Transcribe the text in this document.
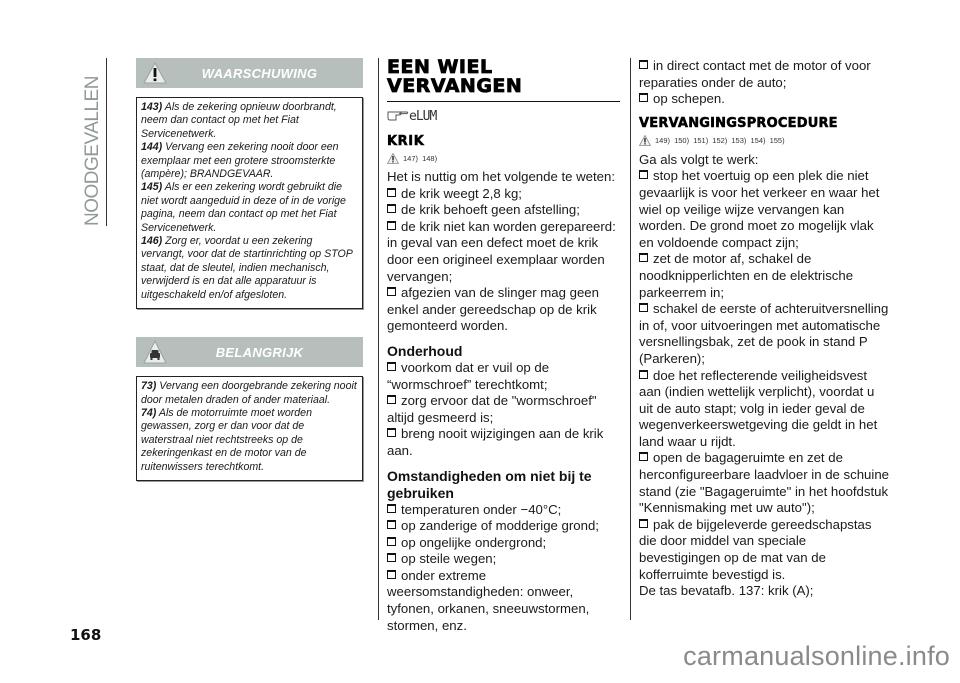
NOODGEVALLEN
WAARSCHUWING

143) Als de zekering opnieuw doorbrandt, neem dan contact op met het Fiat Servicenetwerk.

144) Vervang een zekering nooit door een exemplaar met een grotere stroomsterkte (ampère); BRANDGEVAAR.

145) Als er een zekering wordt gebruikt die niet wordt aangeduid in deze of in de vorige pagina, neem dan contact op met het Fiat Servicenetwerk.

146) Zorg er, voordat u een zekering vervangt, voor dat de startinrichting op STOP staat, dat de sleutel, indien mechanisch, verwijderd is en dat alle apparatuur is uitgeschakeld en/of afgesloten.

BELANGRIJK

73) Vervang een doorgebrande zekering nooit door metalen draden of ander materiaal.

74) Als de motorruimte moet worden gewassen, zorg er dan voor dat de waterstraal niet rechtstreeks op de zekeringenkast en de motor van de ruitenwissers terechtkomt.

EEN WIEL
VERVANGEN
eLUM
KRIK
147) 148)

Het is nuttig om het volgende te weten:

de krik weegt 2,8 kg;

de krik behoeft geen afstelling;

de krik niet kan worden gerepareerd: in geval van een defect moet de krik door een origineel exemplaar worden vervangen;

afgezien van de slinger mag geen enkel ander gereedschap op de krik gemonteerd worden.

Onderhoud

voorkom dat er vuil op de “wormschroef” terechtkomt;

zorg ervoor dat de "wormschroef" altijd gesmeerd is;

breng nooit wijzigingen aan de krik aan.

Omstandigheden om niet bij te gebruiken

temperaturen onder −40°C;

op zanderige of modderige grond;

op ongelijke ondergrond;

op steile wegen;

onder extreme weersomstandigheden: onweer, tyfonen, orkanen, sneeuwstormen, stormen, enz.

in direct contact met de motor of voor reparaties onder de auto;

op schepen.

VERVANGINGSPROCEDURE
149) 150) 151) 152) 153) 154) 155)

Ga als volgt te werk:

stop het voertuig op een plek die niet gevaarlijk is voor het verkeer en waar het wiel op veilige wijze vervangen kan worden. De grond moet zo mogelijk vlak en voldoende compact zijn;

zet de motor af, schakel de noodknipperlichten en de elektrische parkeerrem in;

schakel de eerste of achteruitversnelling in of, voor uitvoeringen met automatische versnellingsbak, zet de pook in stand P (Parkeren);

doe het reflecterende veiligheidsvest aan (indien wettelijk verplicht), voordat u uit de auto stapt; volg in ieder geval de wegenverkeerswetgeving die geldt in het land waar u rijdt.

open de bagageruimte en zet de herconfigureerbare laadvloer in de schuine stand (zie "Bagageruimte" in het hoofdstuk "Kennismaking met uw auto");

pak de bijgeleverde gereedschapstas die door middel van speciale bevestigingen op de mat van de kofferruimte bevestigd is.

De tas bevatafb. 137: krik (A);

168
carmanualsonline.info
